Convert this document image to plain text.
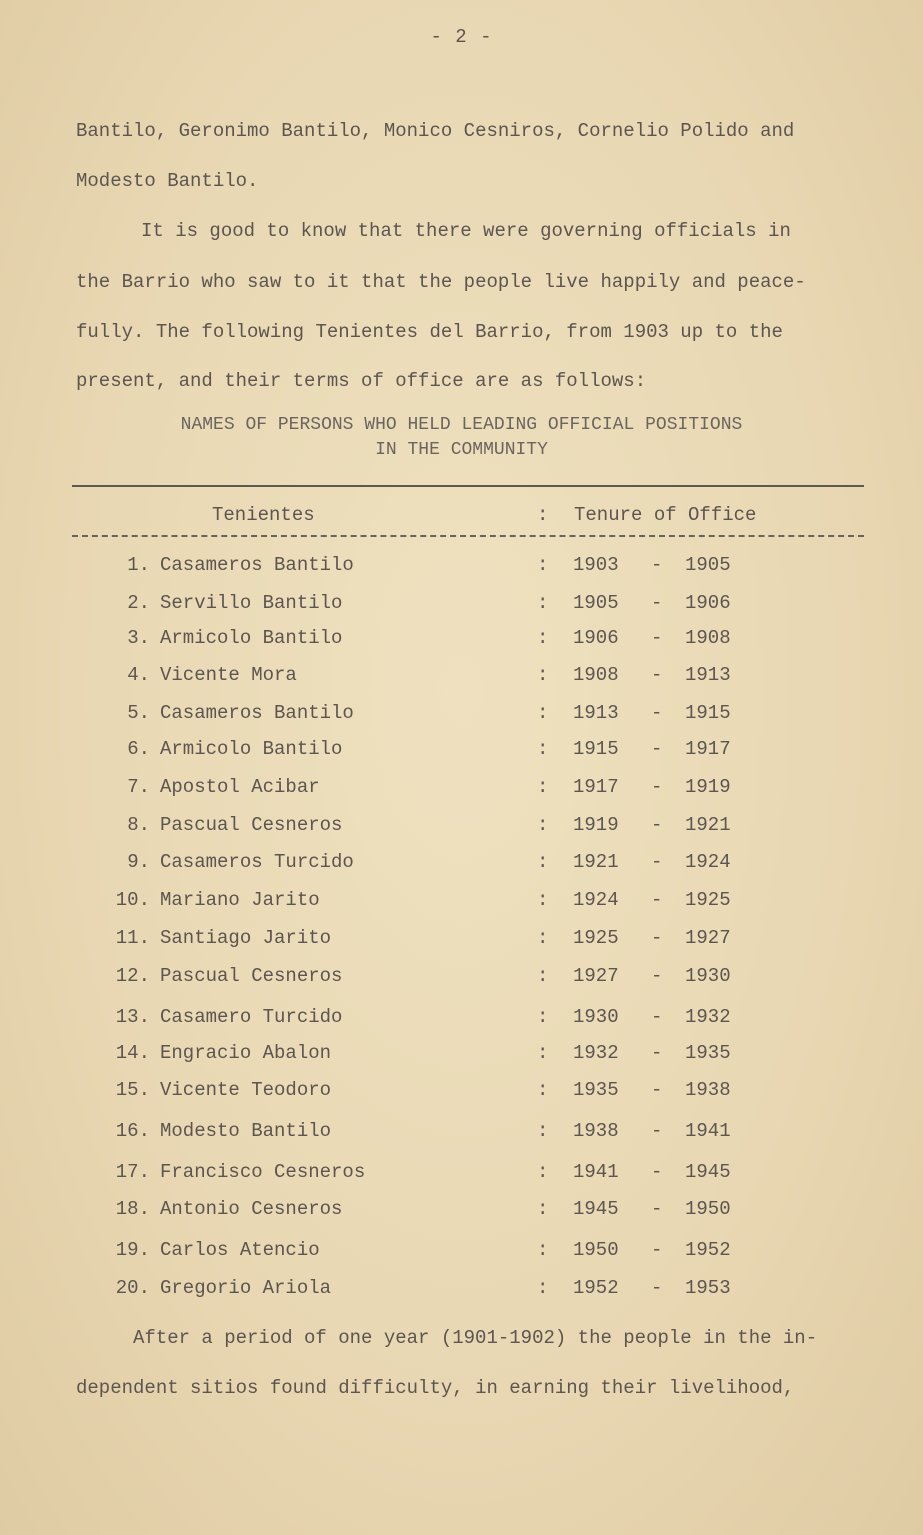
- 2 -
Bantilo, Geronimo Bantilo, Monico Cesniros, Cornelio Polido and
Modesto Bantilo.
It is good to know that there were governing officials in
the Barrio who saw to it that the people live happily and peace-
fully. The following Tenientes del Barrio, from 1903 up to the
present, and their terms of office are as follows:
NAMES OF PERSONS WHO HELD LEADING OFFICIAL POSITIONS
IN THE COMMUNITY
Tenientes	: Tenure of Office
1. Casameros Bantilo	: 1903 - 1905
2. Servillo Bantilo	: 1905 - 1906
3. Armicolo Bantilo	: 1906 - 1908
4. Vicente Mora	: 1908 - 1913
5. Casameros Bantilo	: 1913 - 1915
6. Armicolo Bantilo	: 1915 - 1917
7. Apostol Acibar	: 1917 - 1919
8. Pascual Cesneros	: 1919 - 1921
9. Casameros Turcido	: 1921 - 1924
10. Mariano Jarito	: 1924 - 1925
11. Santiago Jarito	: 1925 - 1927
12. Pascual Cesneros	: 1927 - 1930
13. Casamero Turcido	: 1930 - 1932
14. Engracio Abalon	: 1932 - 1935
15. Vicente Teodoro	: 1935 - 1938
16. Modesto Bantilo	: 1938 - 1941
17. Francisco Cesneros	: 1941 - 1945
18. Antonio Cesneros	: 1945 - 1950
19. Carlos Atencio	: 1950 - 1952
20. Gregorio Ariola	: 1952 - 1953
After a period of one year (1901-1902) the people in the in-
dependent sitios found difficulty, in earning their livelihood,
